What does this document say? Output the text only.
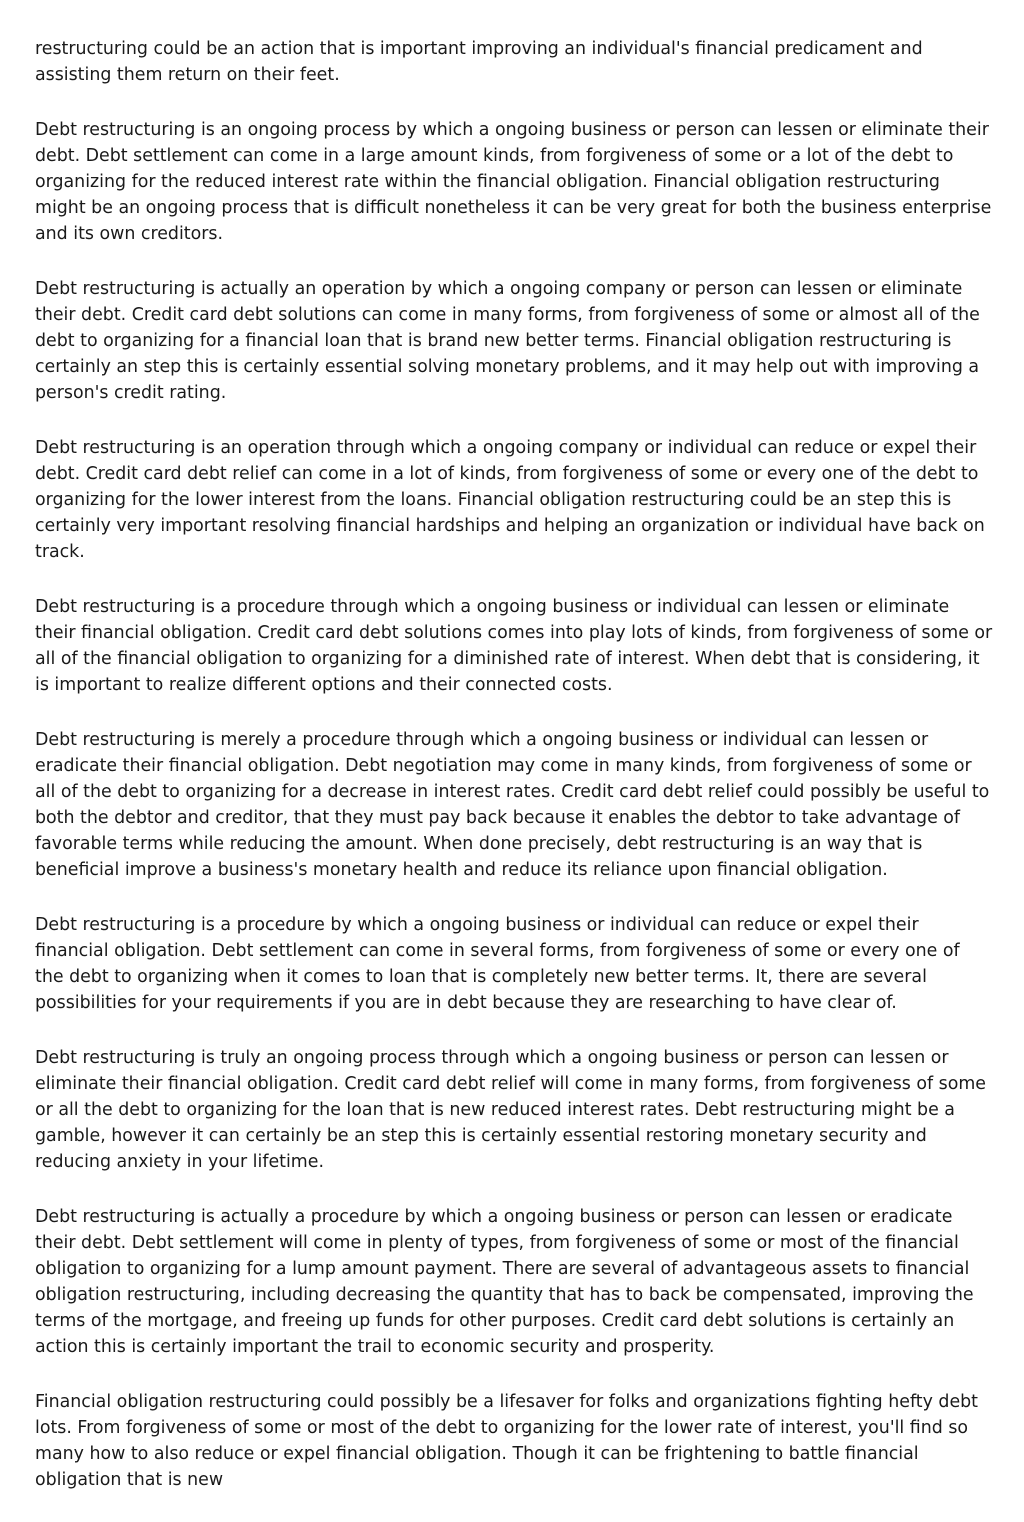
restructuring could be an action that is important improving an individual's financial predicament and assisting them return on their feet.

Debt restructuring is an ongoing process by which a ongoing business or person can lessen or eliminate their debt. Debt settlement can come in a large amount kinds, from forgiveness of some or a lot of the debt to organizing for the reduced interest rate within the financial obligation. Financial obligation restructuring might be an ongoing process that is difficult nonetheless it can be very great for both the business enterprise and its own creditors.

Debt restructuring is actually an operation by which a ongoing company or person can lessen or eliminate their debt. Credit card debt solutions can come in many forms, from forgiveness of some or almost all of the debt to organizing for a financial loan that is brand new better terms. Financial obligation restructuring is certainly an step this is certainly essential solving monetary problems, and it may help out with improving a person's credit rating.

Debt restructuring is an operation through which a ongoing company or individual can reduce or expel their debt. Credit card debt relief can come in a lot of kinds, from forgiveness of some or every one of the debt to organizing for the lower interest from the loans. Financial obligation restructuring could be an step this is certainly very important resolving financial hardships and helping an organization or individual have back on track.

Debt restructuring is a procedure through which a ongoing business or individual can lessen or eliminate their financial obligation. Credit card debt solutions comes into play lots of kinds, from forgiveness of some or all of the financial obligation to organizing for a diminished rate of interest. When debt that is considering, it is important to realize different options and their connected costs.

Debt restructuring is merely a procedure through which a ongoing business or individual can lessen or eradicate their financial obligation. Debt negotiation may come in many kinds, from forgiveness of some or all of the debt to organizing for a decrease in interest rates. Credit card debt relief could possibly be useful to both the debtor and creditor, that they must pay back because it enables the debtor to take advantage of favorable terms while reducing the amount. When done precisely, debt restructuring is an way that is beneficial improve a business's monetary health and reduce its reliance upon financial obligation.

Debt restructuring is a procedure by which a ongoing business or individual can reduce or expel their financial obligation. Debt settlement can come in several forms, from forgiveness of some or every one of the debt to organizing when it comes to loan that is completely new better terms. It, there are several possibilities for your requirements if you are in debt because they are researching to have clear of.

Debt restructuring is truly an ongoing process through which a ongoing business or person can lessen or eliminate their financial obligation. Credit card debt relief will come in many forms, from forgiveness of some or all the debt to organizing for the loan that is new reduced interest rates. Debt restructuring might be a gamble, however it can certainly be an step this is certainly essential restoring monetary security and reducing anxiety in your lifetime.

Debt restructuring is actually a procedure by which a ongoing business or person can lessen or eradicate their debt. Debt settlement will come in plenty of types, from forgiveness of some or most of the financial obligation to organizing for a lump amount payment. There are several of advantageous assets to financial obligation restructuring, including decreasing the quantity that has to back be compensated, improving the terms of the mortgage, and freeing up funds for other purposes. Credit card debt solutions is certainly an action this is certainly important the trail to economic security and prosperity.

Financial obligation restructuring could possibly be a lifesaver for folks and organizations fighting hefty debt lots. From forgiveness of some or most of the debt to organizing for the lower rate of interest, you'll find so many how to also reduce or expel financial obligation. Though it can be frightening to battle financial obligation that is new
